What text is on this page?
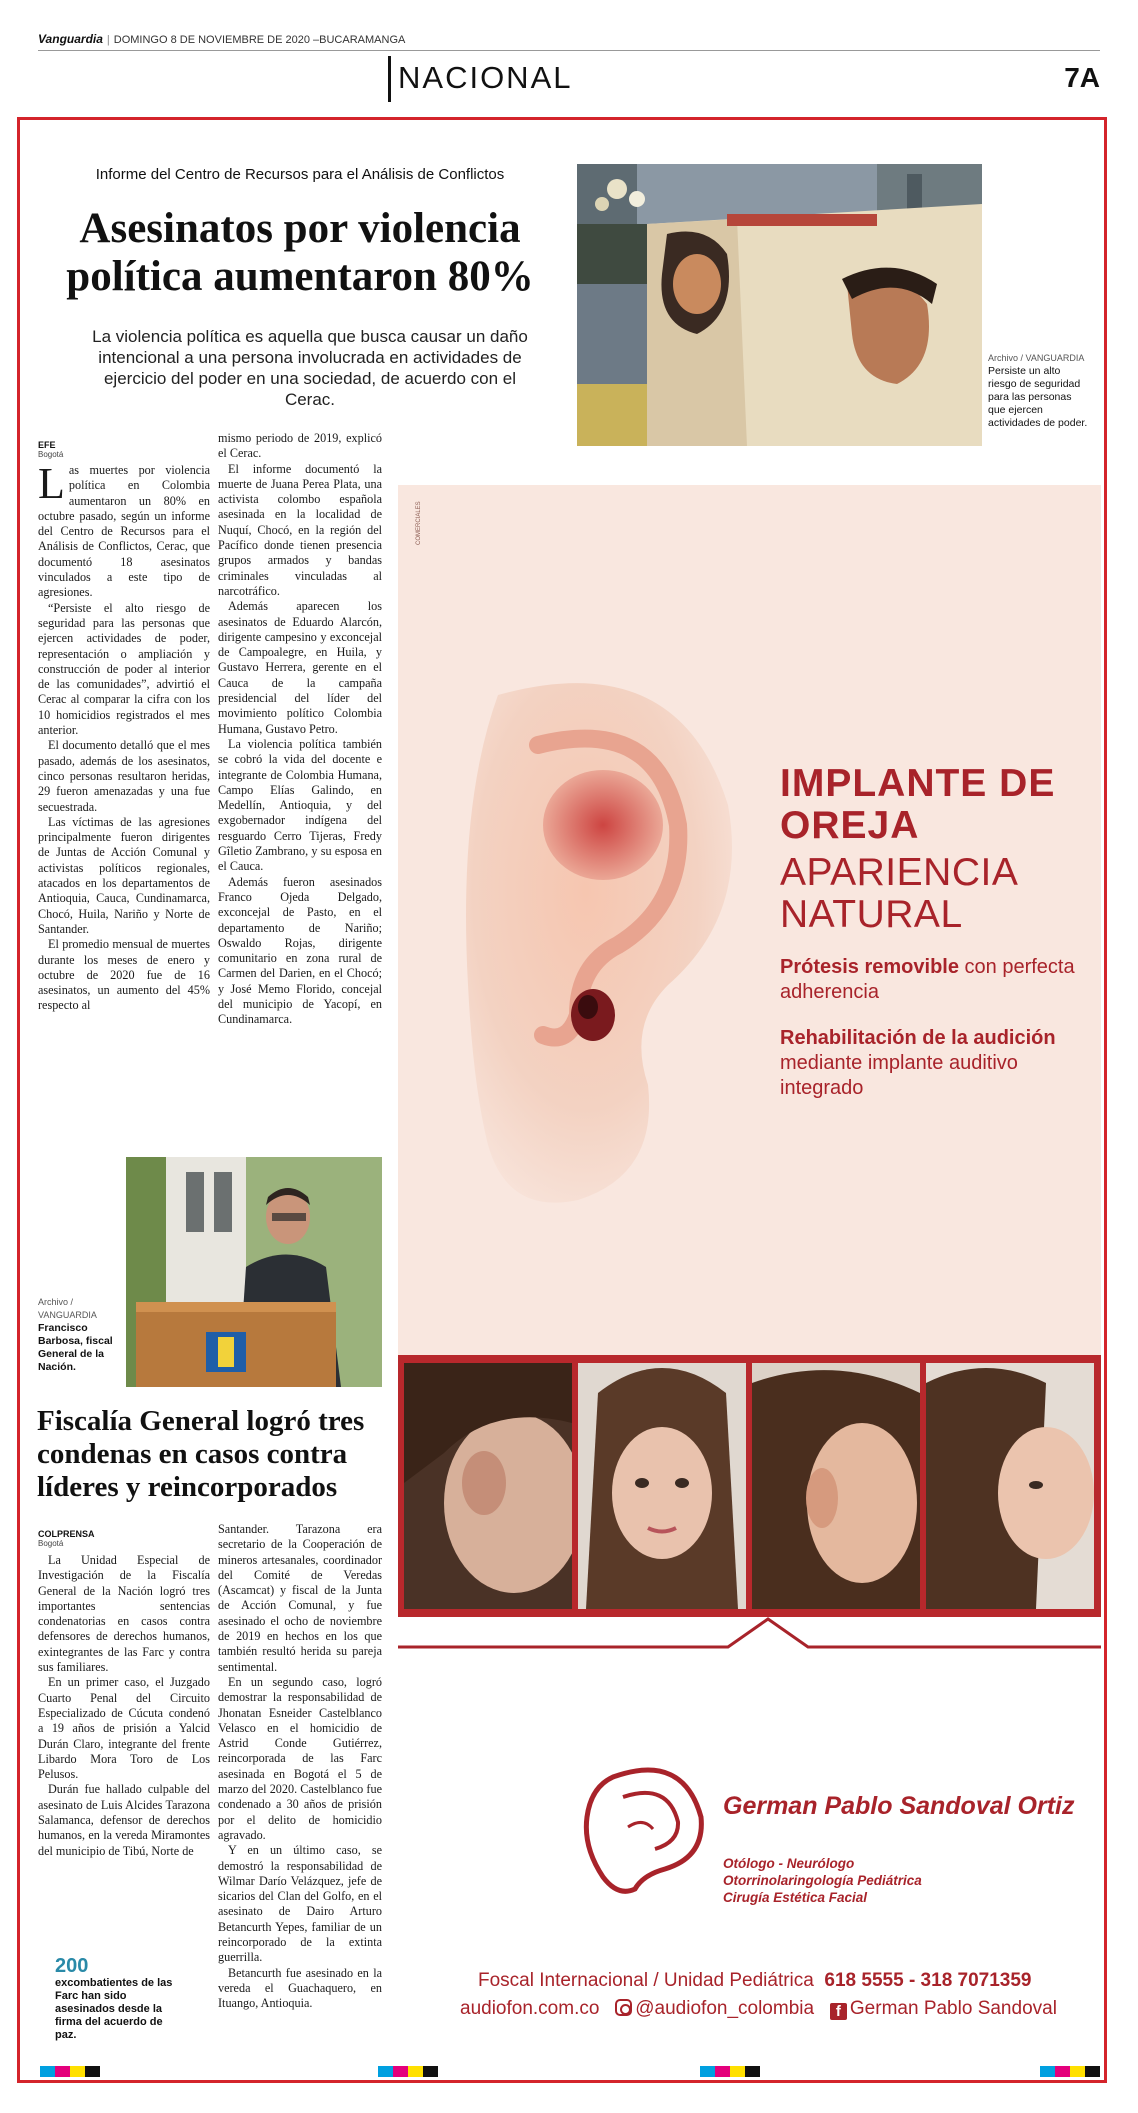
Vanguardia | DOMINGO 8 DE NOVIEMBRE DE 2020 –BUCARAMANGA
NACIONAL	7A
Informe del Centro de Recursos para el Análisis de Conflictos
Asesinatos por violencia política aumentaron 80%
La violencia política es aquella que busca causar un daño intencional a una persona involucrada en actividades de ejercicio del poder en una sociedad, de acuerdo con el Cerac.
EFE
Bogotá

Las muertes por violencia política en Colombia aumentaron un 80% en octubre pasado, según un informe del Centro de Recursos para el Análisis de Conflictos, Cerac, que documentó 18 asesinatos vinculados a este tipo de agresiones.

“Persiste el alto riesgo de seguridad para las personas que ejercen actividades de poder, representación o ampliación y construcción de poder al interior de las comunidades”, advirtió el Cerac al comparar la cifra con los 10 homicidios registrados el mes anterior.

El documento detalló que el mes pasado, además de los asesinatos, cinco personas resultaron heridas, 29 fueron amenazadas y una fue secuestrada.

Las víctimas de las agresiones principalmente fueron dirigentes de Juntas de Acción Comunal y activistas políticos regionales, atacados en los departamentos de Antioquia, Cauca, Cundinamarca, Chocó, Huila, Nariño y Norte de Santander.

El promedio mensual de muertes durante los meses de enero y octubre de 2020 fue de 16 asesinatos, un aumento del 45% respecto al

mismo periodo de 2019, explicó el Cerac.

El informe documentó la muerte de Juana Perea Plata, una activista colombo española asesinada en la localidad de Nuquí, Chocó, en la región del Pacífico donde tienen presencia grupos armados y bandas criminales vinculadas al narcotráfico.

Además aparecen los asesinatos de Eduardo Alarcón, dirigente campesino y exconcejal de Campoalegre, en Huila, y Gustavo Herrera, gerente en el Cauca de la campaña presidencial del líder del movimiento político Colombia Humana, Gustavo Petro.

La violencia política también se cobró la vida del docente e integrante de Colombia Humana, Campo Elías Galindo, en Medellín, Antioquia, y del exgobernador indígena del resguardo Cerro Tijeras, Fredy Gîletio Zambrano, y su esposa en el Cauca.

Además fueron asesinados Franco Ojeda Delgado, exconcejal de Pasto, en el departamento de Nariño; Oswaldo Rojas, dirigente comunitario en zona rural de Carmen del Darien, en el Chocó; y José Memo Florido, concejal del municipio de Yacopí, en Cundinamarca.

Archivo / VANGUARDIA
Persiste un alto riesgo de seguridad para las personas que ejercen actividades de poder.
Archivo / VANGUARDIA
Francisco Barbosa, fiscal General de la Nación.
Fiscalía General logró tres condenas en casos contra líderes y reincorporados
COLPRENSA
Bogotá

La Unidad Especial de Investigación de la Fiscalía General de la Nación logró tres importantes sentencias condenatorias en casos contra defensores de derechos humanos, exintegrantes de las Farc y contra sus familiares.

En un primer caso, el Juzgado Cuarto Penal del Circuito Especializado de Cúcuta condenó a 19 años de prisión a Yalcid Durán Claro, integrante del frente Libardo Mora Toro de Los Pelusos.

Durán fue hallado culpable del asesinato de Luis Alcides Tarazona Salamanca, defensor de derechos humanos, en la vereda Miramontes del municipio de Tibú, Norte de

Santander. Tarazona era secretario de la Cooperación de mineros artesanales, coordinador del Comité de Veredas (Ascamcat) y fiscal de la Junta de Acción Comunal, y fue asesinado el ocho de noviembre de 2019 en hechos en los que también resultó herida su pareja sentimental.

En un segundo caso, logró demostrar la responsabilidad de Jhonatan Esneider Castelblanco Velasco en el homicidio de Astrid Conde Gutiérrez, reincorporada de las Farc asesinada en Bogotá el 5 de marzo del 2020. Castelblanco fue condenado a 30 años de prisión por el delito de homicidio agravado.

Y en un último caso, se demostró la responsabilidad de Wilmar Darío Velázquez, jefe de sicarios del Clan del Golfo, en el asesinato de Dairo Arturo Betancurth Yepes, familiar de un reincorporado de la extinta guerrilla.

Betancurth fue asesinado en la vereda el Guachaquero, en Ituango, Antioquia.

200
excombatientes de las Farc han sido asesinados desde la firma del acuerdo de paz.
COMERCIALES
IMPLANTE DE OREJA
APARIENCIA NATURAL
Prótesis removible con perfecta adherencia
Rehabilitación de la audición mediante implante auditivo integrado
German Pablo Sandoval Ortiz
Otólogo - Neurólogo
Otorrinolaringología Pediátrica
Cirugía Estética Facial
Foscal Internacional / Unidad Pediátrica 618 5555 - 318 7071359
audiofon.com.co @audiofon_colombia f German Pablo Sandoval
